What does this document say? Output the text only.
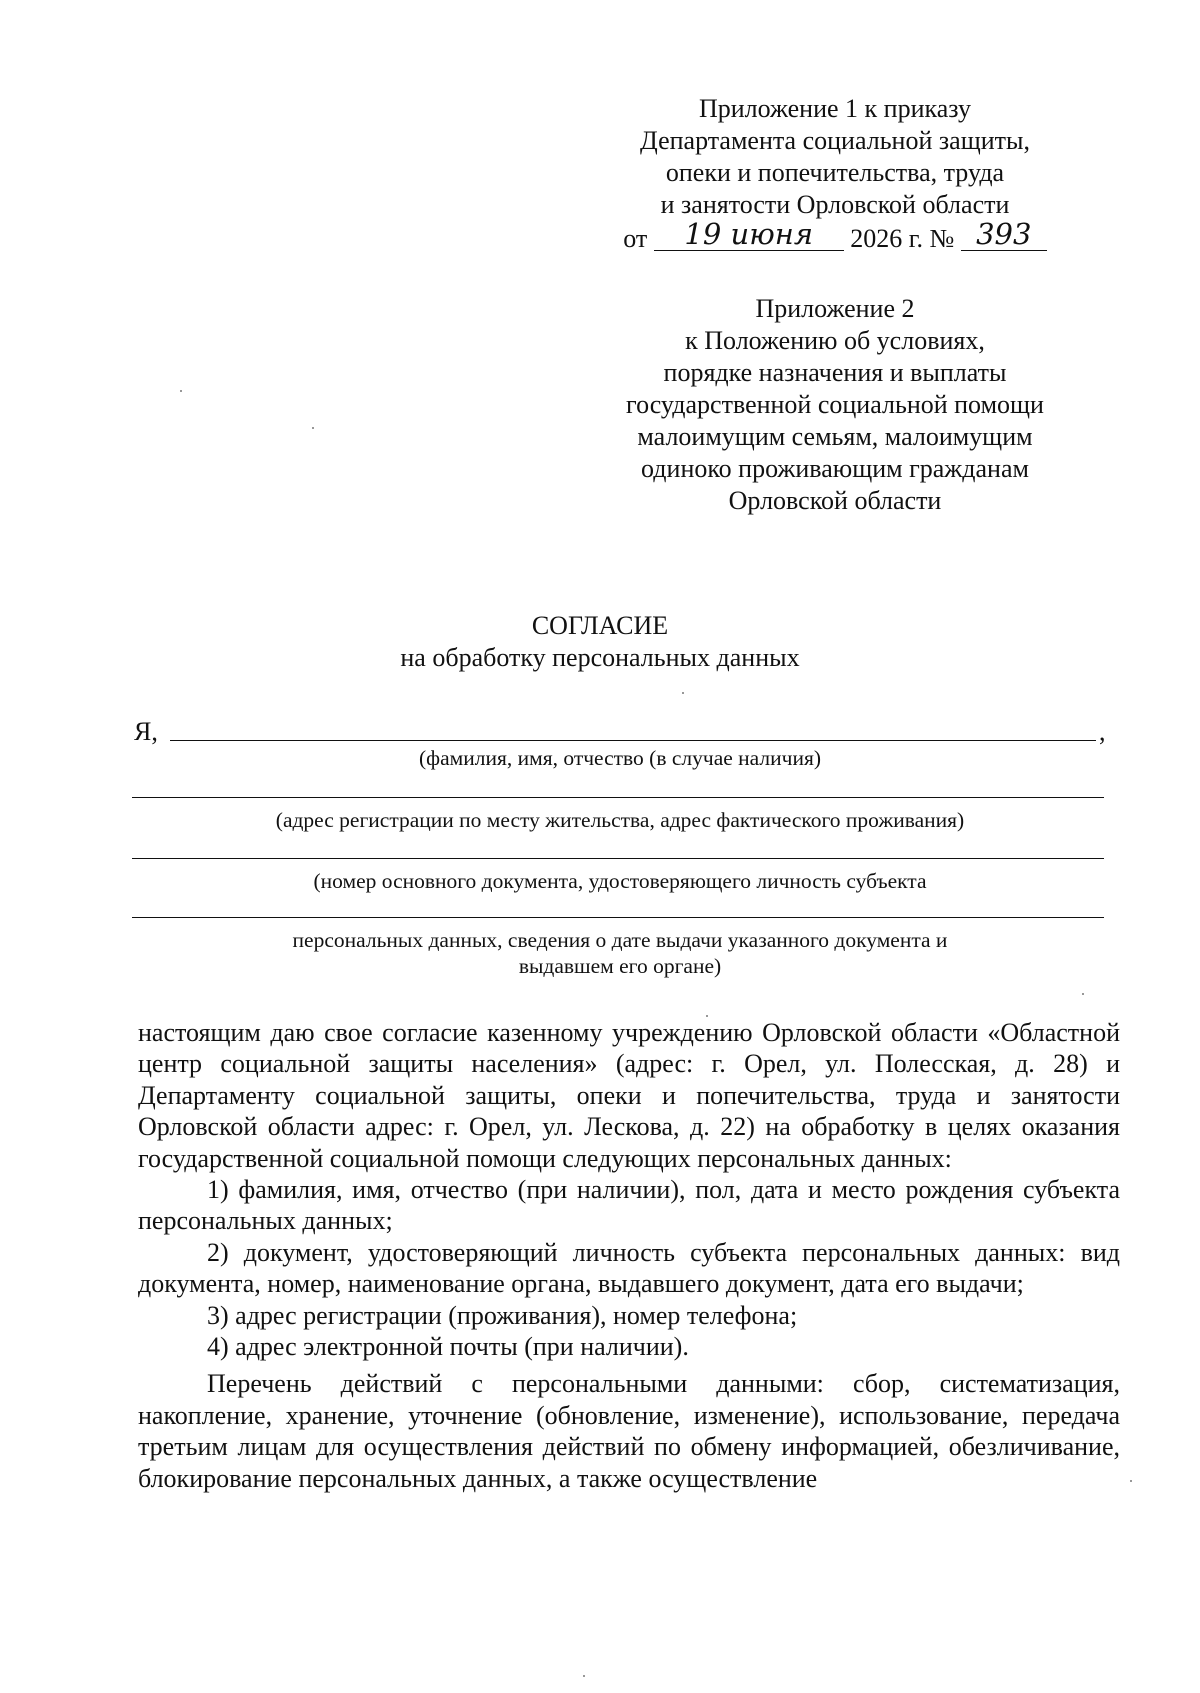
Приложение 1 к приказу
Департамента социальной защиты,
опеки и попечительства, труда
и занятости Орловской области
от 19 июня 2026 г. № 393
Приложение 2
к Положению об условиях,
порядке назначения и выплаты
государственной социальной помощи
малоимущим семьям, малоимущим
одиноко проживающим гражданам
Орловской области
СОГЛАСИЕ
на обработку персональных данных
Я,	,
(фамилия, имя, отчество (в случае наличия)
(адрес регистрации по месту жительства, адрес фактического проживания)
(номер основного документа, удостоверяющего личность субъекта
персональных данных, сведения о дате выдачи указанного документа и выдавшем его органе)

настоящим даю свое согласие казенному учреждению Орловской области «Областной центр социальной защиты населения» (адрес: г. Орел, ул. Полесская, д. 28) и Департаменту социальной защиты, опеки и попечительства, труда и занятости Орловской области адрес: г. Орел, ул. Лескова, д. 22) на обработку в целях оказания государственной социальной помощи следующих персональных данных:

1) фамилия, имя, отчество (при наличии), пол, дата и место рождения субъекта персональных данных;

2) документ, удостоверяющий личность субъекта персональных данных: вид документа, номер, наименование органа, выдавшего документ, дата его выдачи;

3) адрес регистрации (проживания), номер телефона;

4) адрес электронной почты (при наличии).

Перечень действий с персональными данными: сбор, систематизация, накопление, хранение, уточнение (обновление, изменение), использование, передача третьим лицам для осуществления действий по обмену информацией, обезличивание, блокирование персональных данных, а также осуществление
